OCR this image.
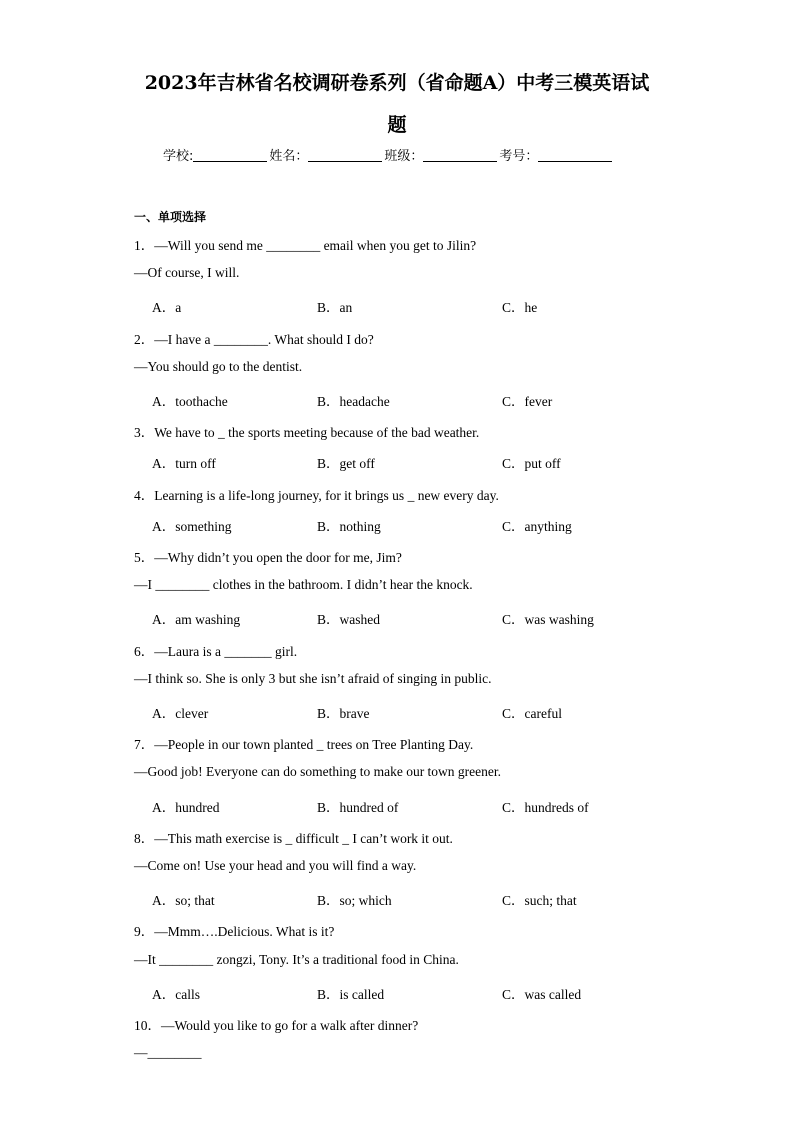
2023年吉林省名校调研卷系列（省命题A）中考三模英语试
题
学校:	姓名：	班级：	考号：
一、单项选择
1．—Will you send me ________ email when you get to Jilin?
—Of course, I will.
A．a	B．an	C．he
2．—I have a ________. What should I do?
—You should go to the dentist.
A．toothache	B．headache	C．fever
3．We have to _ the sports meeting because of the bad weather.
A．turn off	B．get off	C．put off
4．Learning is a life-long journey, for it brings us _ new every day.
A．something	B．nothing	C．anything
5．—Why didn’t you open the door for me, Jim?
—I ________ clothes in the bathroom. I didn’t hear the knock.
A．am washing	B．washed	C．was washing
6．—Laura is a _______ girl.
—I think so. She is only 3 but she isn’t afraid of singing in public.
A．clever	B．brave	C．careful
7．—People in our town planted _ trees on Tree Planting Day.
—Good job! Everyone can do something to make our town greener.
A．hundred	B．hundred of	C．hundreds of
8．—This math exercise is _ difficult _ I can’t work it out.
—Come on! Use your head and you will find a way.
A．so; that	B．so; which	C．such; that
9．—Mmm….Delicious. What is it?
—It ________ zongzi, Tony. It’s a traditional food in China.
A．calls	B．is called	C．was called
10．—Would you like to go for a walk after dinner?
—________
